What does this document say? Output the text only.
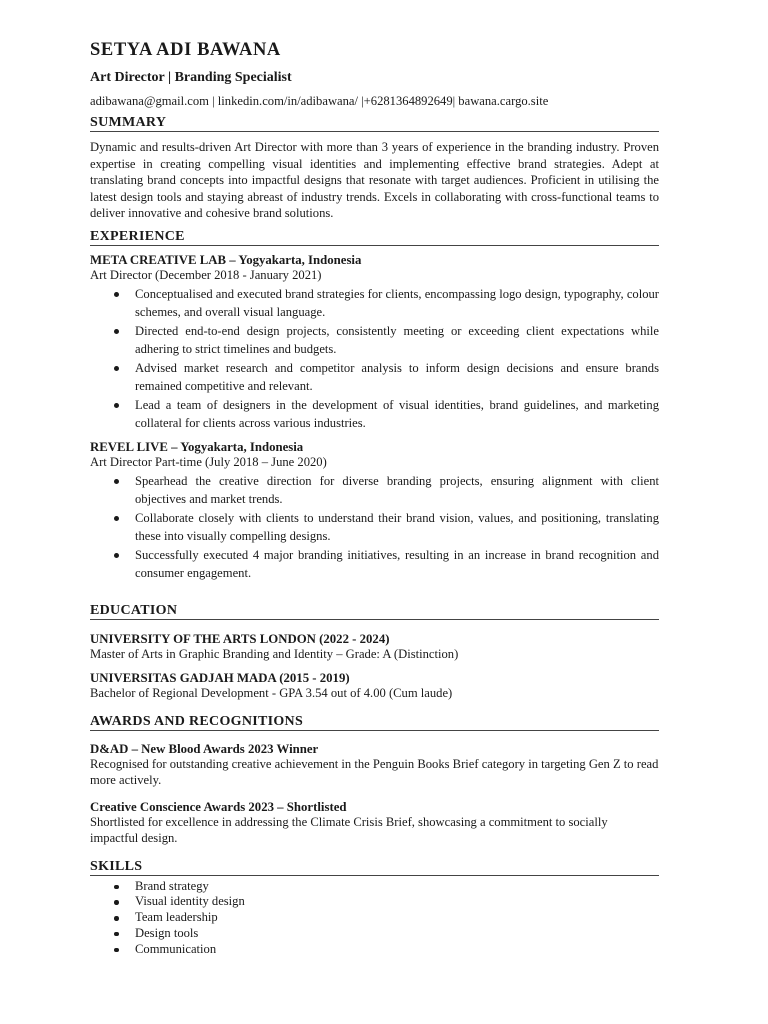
SETYA ADI BAWANA
Art Director | Branding Specialist
adibawana@gmail.com | linkedin.com/in/adibawana/ |+6281364892649| bawana.cargo.site
SUMMARY
Dynamic and results-driven Art Director with more than 3 years of experience in the branding industry. Proven expertise in creating compelling visual identities and implementing effective brand strategies. Adept at translating brand concepts into impactful designs that resonate with target audiences. Proficient in utilising the latest design tools and staying abreast of industry trends. Excels in collaborating with cross-functional teams to deliver innovative and cohesive brand solutions.
EXPERIENCE
META CREATIVE LAB – Yogyakarta, Indonesia
Art Director (December 2018 - January 2021)
Conceptualised and executed brand strategies for clients, encompassing logo design, typography, colour schemes, and overall visual language.
Directed end-to-end design projects, consistently meeting or exceeding client expectations while adhering to strict timelines and budgets.
Advised market research and competitor analysis to inform design decisions and ensure brands remained competitive and relevant.
Lead a team of designers in the development of visual identities, brand guidelines, and marketing collateral for clients across various industries.
REVEL LIVE – Yogyakarta, Indonesia
Art Director Part-time (July 2018 – June 2020)
Spearhead the creative direction for diverse branding projects, ensuring alignment with client objectives and market trends.
Collaborate closely with clients to understand their brand vision, values, and positioning, translating these into visually compelling designs.
Successfully executed 4 major branding initiatives, resulting in an increase in brand recognition and consumer engagement.
EDUCATION
UNIVERSITY OF THE ARTS LONDON (2022 - 2024)
Master of Arts in Graphic Branding and Identity – Grade: A (Distinction)
UNIVERSITAS GADJAH MADA (2015 - 2019)
Bachelor of Regional Development - GPA 3.54 out of 4.00 (Cum laude)
AWARDS AND RECOGNITIONS
D&AD – New Blood Awards 2023 Winner
Recognised for outstanding creative achievement in the Penguin Books Brief category in targeting Gen Z to read more actively.
Creative Conscience Awards 2023 – Shortlisted
Shortlisted for excellence in addressing the Climate Crisis Brief, showcasing a commitment to socially impactful design.
SKILLS
Brand strategy
Visual identity design
Team leadership
Design tools
Communication
